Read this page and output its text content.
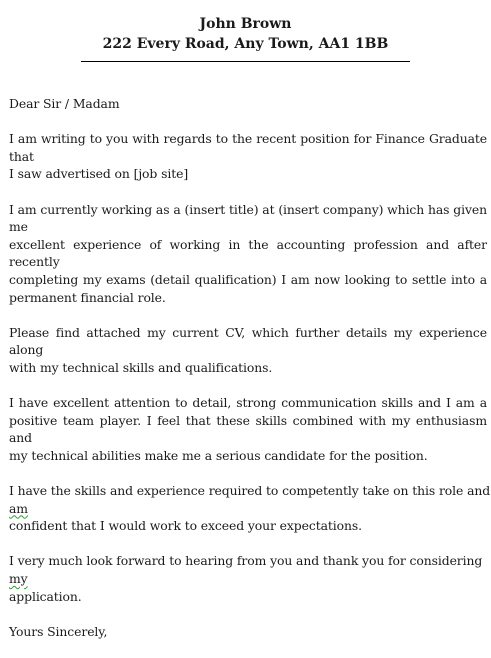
John Brown
222 Every Road, Any Town, AA1 1BB

Dear Sir / Madam

I am writing to you with regards to the recent position for Finance Graduate that
I saw advertised on [job site]

I am currently working as a (insert title) at (insert company) which has given me
excellent experience of working in the accounting profession and after recently
completing my exams (detail qualification) I am now looking to settle into a
permanent financial role.

Please find attached my current CV, which further details my experience along
with my technical skills and qualifications.

I have excellent attention to detail, strong communication skills and I am a
positive team player. I feel that these skills combined with my enthusiasm and
my technical abilities make me a serious candidate for the position.

I have the skills and experience required to competently take on this role and
am
confident that I would work to exceed your expectations.

I very much look forward to hearing from you and thank you for considering
my
application.

Yours Sincerely,
